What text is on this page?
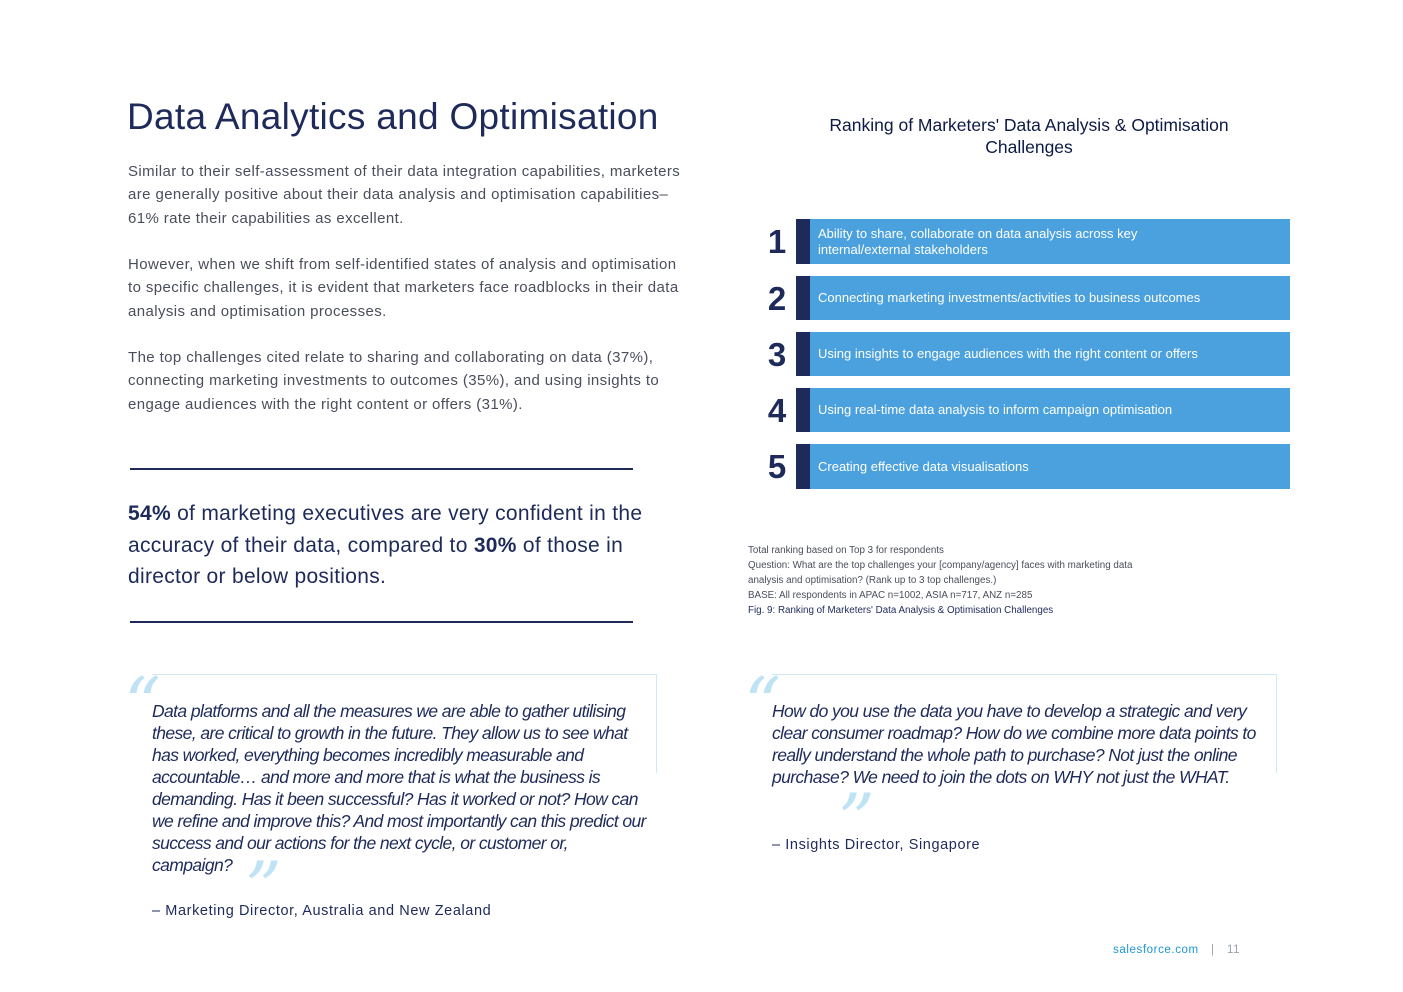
Data Analytics and Optimisation

Similar to their self-assessment of their data integration capabilities, marketers are generally positive about their data analysis and optimisation capabilities– 61% rate their capabilities as excellent.

However, when we shift from self-identified states of analysis and optimisation to specific challenges, it is evident that marketers face roadblocks in their data analysis and optimisation processes.

The top challenges cited relate to sharing and collaborating on data (37%), connecting marketing investments to outcomes (35%), and using insights to engage audiences with the right content or offers (31%).

54% of marketing executives are very confident in the accuracy of their data, compared to 30% of those in director or below positions.

Ranking of Marketers' Data Analysis & Optimisation Challenges
1	Ability to share, collaborate on data analysis across key internal/external stakeholders
2	Connecting marketing investments/activities to business outcomes
3	Using insights to engage audiences with the right content or offers
4	Using real-time data analysis to inform campaign optimisation
5	Creating effective data visualisations
Total ranking based on Top 3 for respondents
Question: What are the top challenges your [company/agency] faces with marketing data analysis and optimisation? (Rank up to 3 top challenges.)
BASE: All respondents in APAC n=1002, ASIA n=717, ANZ n=285
Fig. 9: Ranking of Marketers' Data Analysis & Optimisation Challenges
“

Data platforms and all the measures we are able to gather utilising these, are critical to growth in the future. They allow us to see what has worked, everything becomes incredibly measurable and accountable… and more and more that is what the business is demanding. Has it been successful? Has it worked or not? How can we refine and improve this? And most importantly can this predict our success and our actions for the next cycle, or customer or, campaign? ”
– Marketing Director, Australia and New Zealand
“

How do you use the data you have to develop a strategic and very clear consumer roadmap? How do we combine more data points to really understand the whole path to purchase? Not just the online purchase? We need to join the dots on WHY not just the WHAT.

”
– Insights Director, Singapore
salesforce.com | 11
